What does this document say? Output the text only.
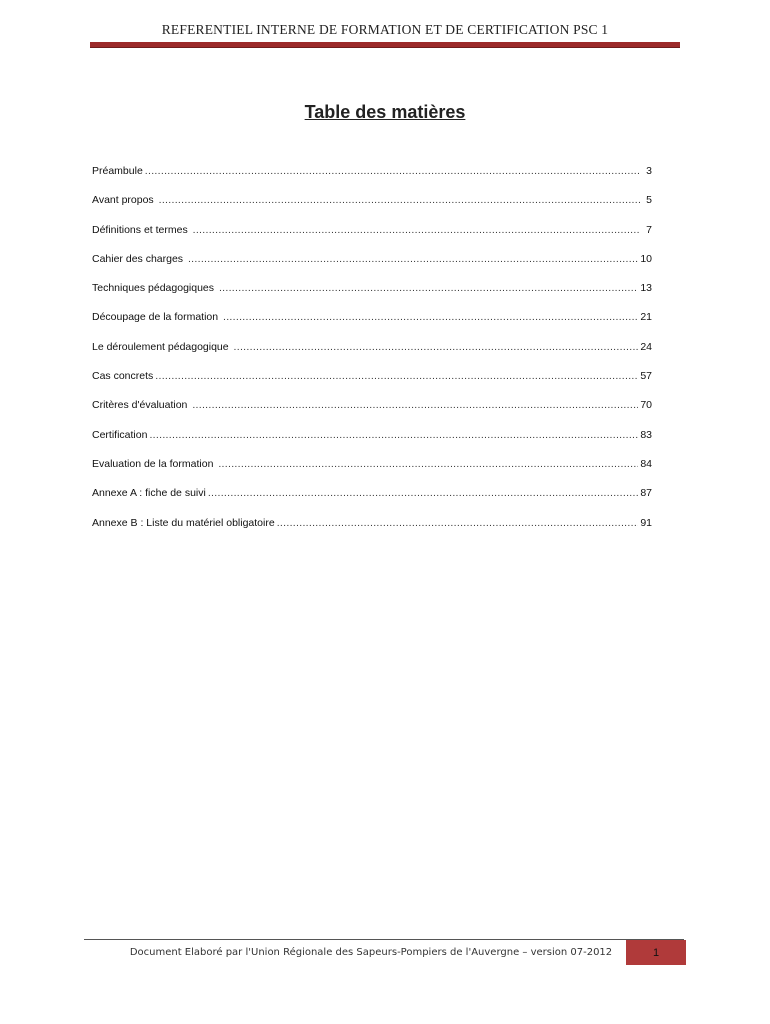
REFERENTIEL INTERNE DE FORMATION ET DE CERTIFICATION PSC 1
Table des matières
Préambule .....	3
Avant propos .....	5
Définitions et termes .....	7
Cahier des charges .....	10
Techniques pédagogiques .....	13
Découpage de la formation .....	21
Le déroulement pédagogique .....	24
Cas concrets .....	57
Critères d'évaluation .....	70
Certification .....	83
Evaluation de la formation .....	84
Annexe A : fiche de suivi .....	87
Annexe B : Liste du matériel obligatoire .....	91
Document Elaboré par l'Union Régionale des Sapeurs-Pompiers de l'Auvergne – version 07-2012	1
